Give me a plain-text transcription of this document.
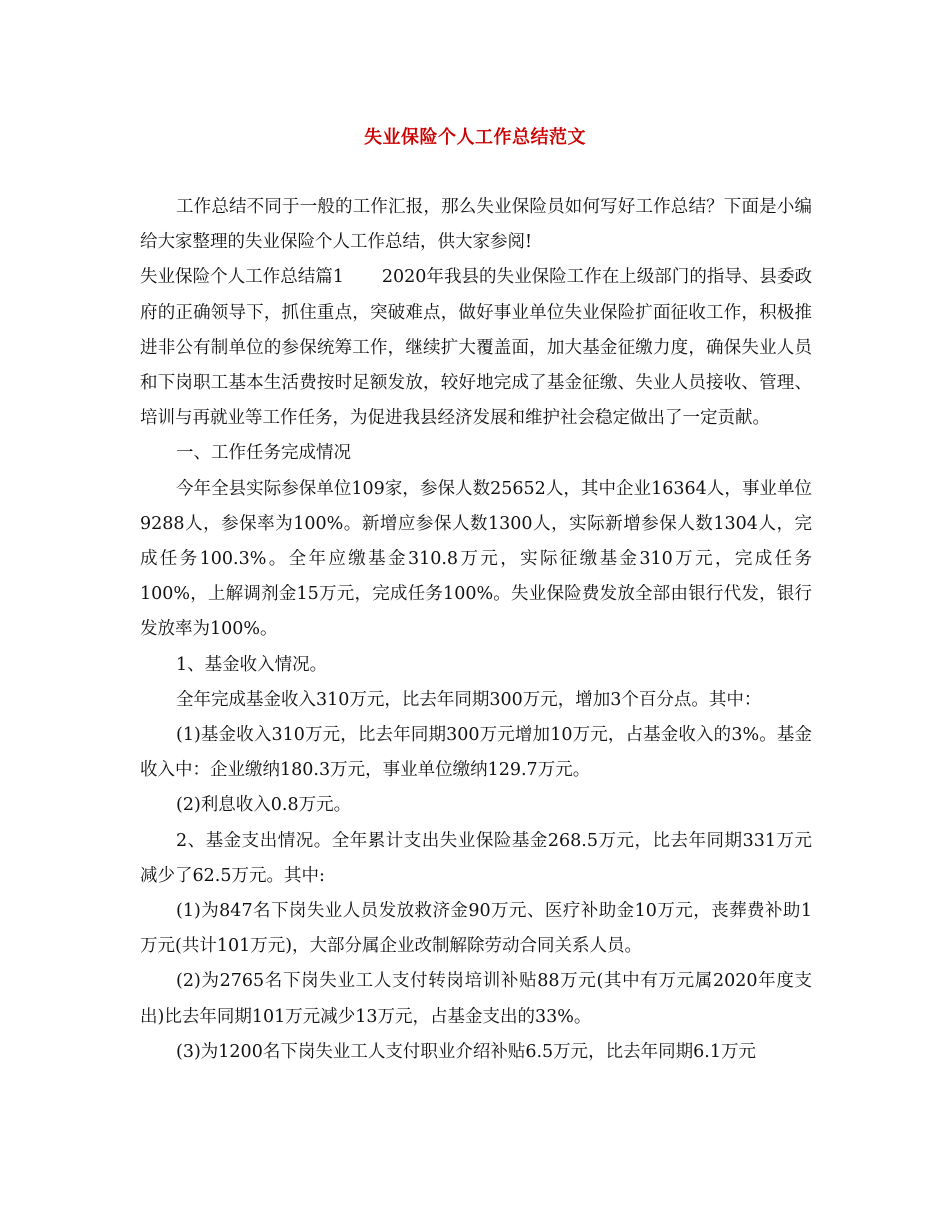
失业保险个人工作总结范文

工作总结不同于一般的工作汇报，那么失业保险员如何写好工作总结？下面是小编给大家整理的失业保险个人工作总结，供大家参阅!

失业保险个人工作总结篇1 2020年我县的失业保险工作在上级部门的指导、县委政府的正确领导下，抓住重点，突破难点，做好事业单位失业保险扩面征收工作，积极推进非公有制单位的参保统筹工作，继续扩大覆盖面，加大基金征缴力度，确保失业人员和下岗职工基本生活费按时足额发放，较好地完成了基金征缴、失业人员接收、管理、培训与再就业等工作任务，为促进我县经济发展和维护社会稳定做出了一定贡献。

一、工作任务完成情况

今年全县实际参保单位109家，参保人数25652人，其中企业16364人，事业单位9288人，参保率为100%。新增应参保人数1300人，实际新增参保人数1304人，完成任务100.3%。全年应缴基金310.8万元，实际征缴基金310万元，完成任务100%，上解调剂金15万元，完成任务100%。失业保险费发放全部由银行代发，银行发放率为100%。

1、基金收入情况。

全年完成基金收入310万元，比去年同期300万元，增加3个百分点。其中：

(1)基金收入310万元，比去年同期300万元增加10万元，占基金收入的3%。基金收入中：企业缴纳180.3万元，事业单位缴纳129.7万元。

(2)利息收入0.8万元。

2、基金支出情况。全年累计支出失业保险基金268.5万元，比去年同期331万元减少了62.5万元。其中:

(1)为847名下岗失业人员发放救济金90万元、医疗补助金10万元，丧葬费补助1万元(共计101万元)，大部分属企业改制解除劳动合同关系人员。

(2)为2765名下岗失业工人支付转岗培训补贴88万元(其中有万元属2020年度支出)比去年同期101万元减少13万元，占基金支出的33%。

(3)为1200名下岗失业工人支付职业介绍补贴6.5万元，比去年同期6.1万元
